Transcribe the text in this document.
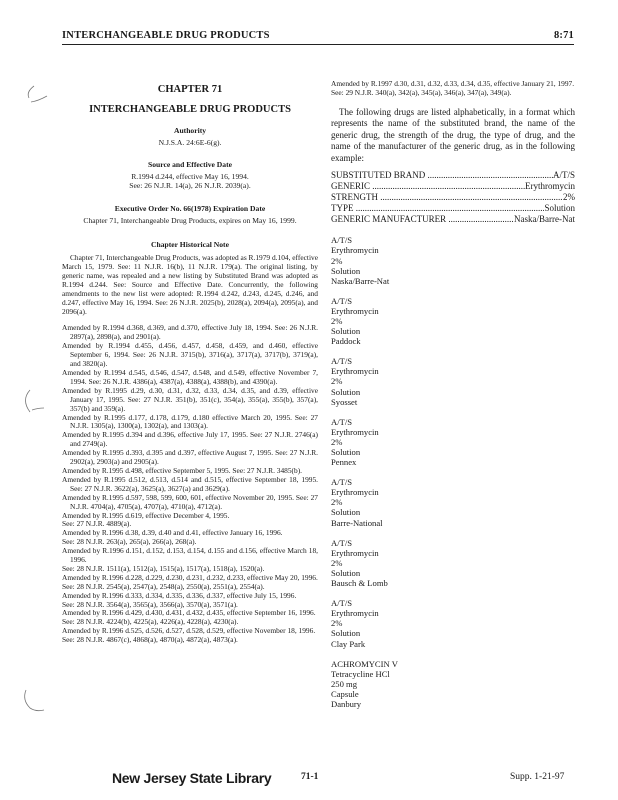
INTERCHANGEABLE DRUG PRODUCTS	8:71
CHAPTER 71
INTERCHANGEABLE DRUG PRODUCTS
Authority
N.J.S.A. 24:6E-6(g).
Source and Effective Date
R.1994 d.244, effective May 16, 1994.
See: 26 N.J.R. 14(a), 26 N.J.R. 2039(a).
Executive Order No. 66(1978) Expiration Date
Chapter 71, Interchangeable Drug Products, expires on May 16, 1999.
Chapter Historical Note

Chapter 71, Interchangeable Drug Products, was adopted as R.1979 d.104, effective March 15, 1979. See: 11 N.J.R. 16(b), 11 N.J.R. 179(a). The original listing, by generic name, was repealed and a new listing by Substituted Brand was adopted as R.1994 d.244. See: Source and Effective Date. Concurrently, the following amendments to the new list were adopted: R.1994 d.242, d.243, d.245, d.246, and d.247, effective May 16, 1994. See: 26 N.J.R. 2025(b), 2028(a), 2094(a), 2095(a), and 2096(a).

Amended by R.1994 d.368, d.369, and d.370, effective July 18, 1994. See: 26 N.J.R. 2897(a), 2898(a), and 2901(a).
Amended by R.1994 d.455, d.456, d.457, d.458, d.459, and d.460, effective September 6, 1994. See: 26 N.J.R. 3715(b), 3716(a), 3717(a), 3717(b), 3719(a), and 3820(a).
Amended by R.1994 d.545, d.546, d.547, d.548, and d.549, effective November 7, 1994. See: 26 N.J.R. 4386(a), 4387(a), 4388(a), 4388(b), and 4390(a).
Amended by R.1995 d.29, d.30, d.31, d.32, d.33, d.34, d.35, and d.39, effective January 17, 1995. See: 27 N.J.R. 351(b), 351(c), 354(a), 355(a), 355(b), 357(a), 357(b) and 359(a).
Amended by R.1995 d.177, d.178, d.179, d.180 effective March 20, 1995. See: 27 N.J.R. 1305(a), 1300(a), 1302(a), and 1303(a).
Amended by R.1995 d.394 and d.396, effective July 17, 1995. See: 27 N.J.R. 2746(a) and 2749(a).
Amended by R.1995 d.393, d.395 and d.397, effective August 7, 1995. See: 27 N.J.R. 2902(a), 2903(a) and 2905(a).
Amended by R.1995 d.498, effective September 5, 1995. See: 27 N.J.R. 3485(b).
Amended by R.1995 d.512, d.513, d.514 and d.515, effective September 18, 1995. See: 27 N.J.R. 3622(a), 3625(a), 3627(a) and 3629(a).
Amended by R.1995 d.597, 598, 599, 600, 601, effective November 20, 1995. See: 27 N.J.R. 4704(a), 4705(a), 4707(a), 4710(a), 4712(a).
Amended by R.1995 d.619, effective December 4, 1995.
See: 27 N.J.R. 4889(a).
Amended by R.1996 d.38, d.39, d.40 and d.41, effective January 16, 1996.
See: 28 N.J.R. 263(a), 265(a), 266(a), 268(a).
Amended by R.1996 d.151, d.152, d.153, d.154, d.155 and d.156, effective March 18, 1996.
See: 28 N.J.R. 1511(a), 1512(a), 1515(a), 1517(a), 1518(a), 1520(a).
Amended by R.1996 d.228, d.229, d.230, d.231, d.232, d.233, effective May 20, 1996.
See: 28 N.J.R. 2545(a), 2547(a), 2548(a), 2550(a), 2551(a), 2554(a).
Amended by R.1996 d.333, d.334, d.335, d.336, d.337, effective July 15, 1996.
See: 28 N.J.R. 3564(a), 3565(a), 3566(a), 3570(a), 3571(a).
Amended by R.1996 d.429, d.430, d.431, d.432, d.435, effective September 16, 1996.
See: 28 N.J.R. 4224(b), 4225(a), 4226(a), 4228(a), 4230(a).
Amended by R.1996 d.525, d.526, d.527, d.528, d.529, effective November 18, 1996.
See: 28 N.J.R. 4867(c), 4868(a), 4870(a), 4872(a), 4873(a).
Amended by R.1997 d.30, d.31, d.32, d.33, d.34, d.35, effective January 21, 1997.
See: 29 N.J.R. 340(a), 342(a), 345(a), 346(a), 347(a), 349(a).

The following drugs are listed alphabetically, in a format which represents the name of the substituted brand, the name of the generic drug, the strength of the drug, the type of drug, and the name of the manufacturer of the generic drug, as in the following example:

SUBSTITUTED BRAND .....	A/T/S
GENERIC .....	Erythromycin
STRENGTH .....	2%
TYPE .....	Solution
GENERIC MANUFACTURER .....	Naska/Barre-Nat
A/T/S
Erythromycin
2%
Solution
Naska/Barre-Nat
A/T/S
Erythromycin
2%
Solution
Paddock
A/T/S
Erythromycin
2%
Solution
Syosset
A/T/S
Erythromycin
2%
Solution
Pennex
A/T/S
Erythromycin
2%
Solution
Barre-National
A/T/S
Erythromycin
2%
Solution
Bausch & Lomb
A/T/S
Erythromycin
2%
Solution
Clay Park
ACHROMYCIN V
Tetracycline HCl
250 mg
Capsule
Danbury
New Jersey State Library	71-1	Supp. 1-21-97
